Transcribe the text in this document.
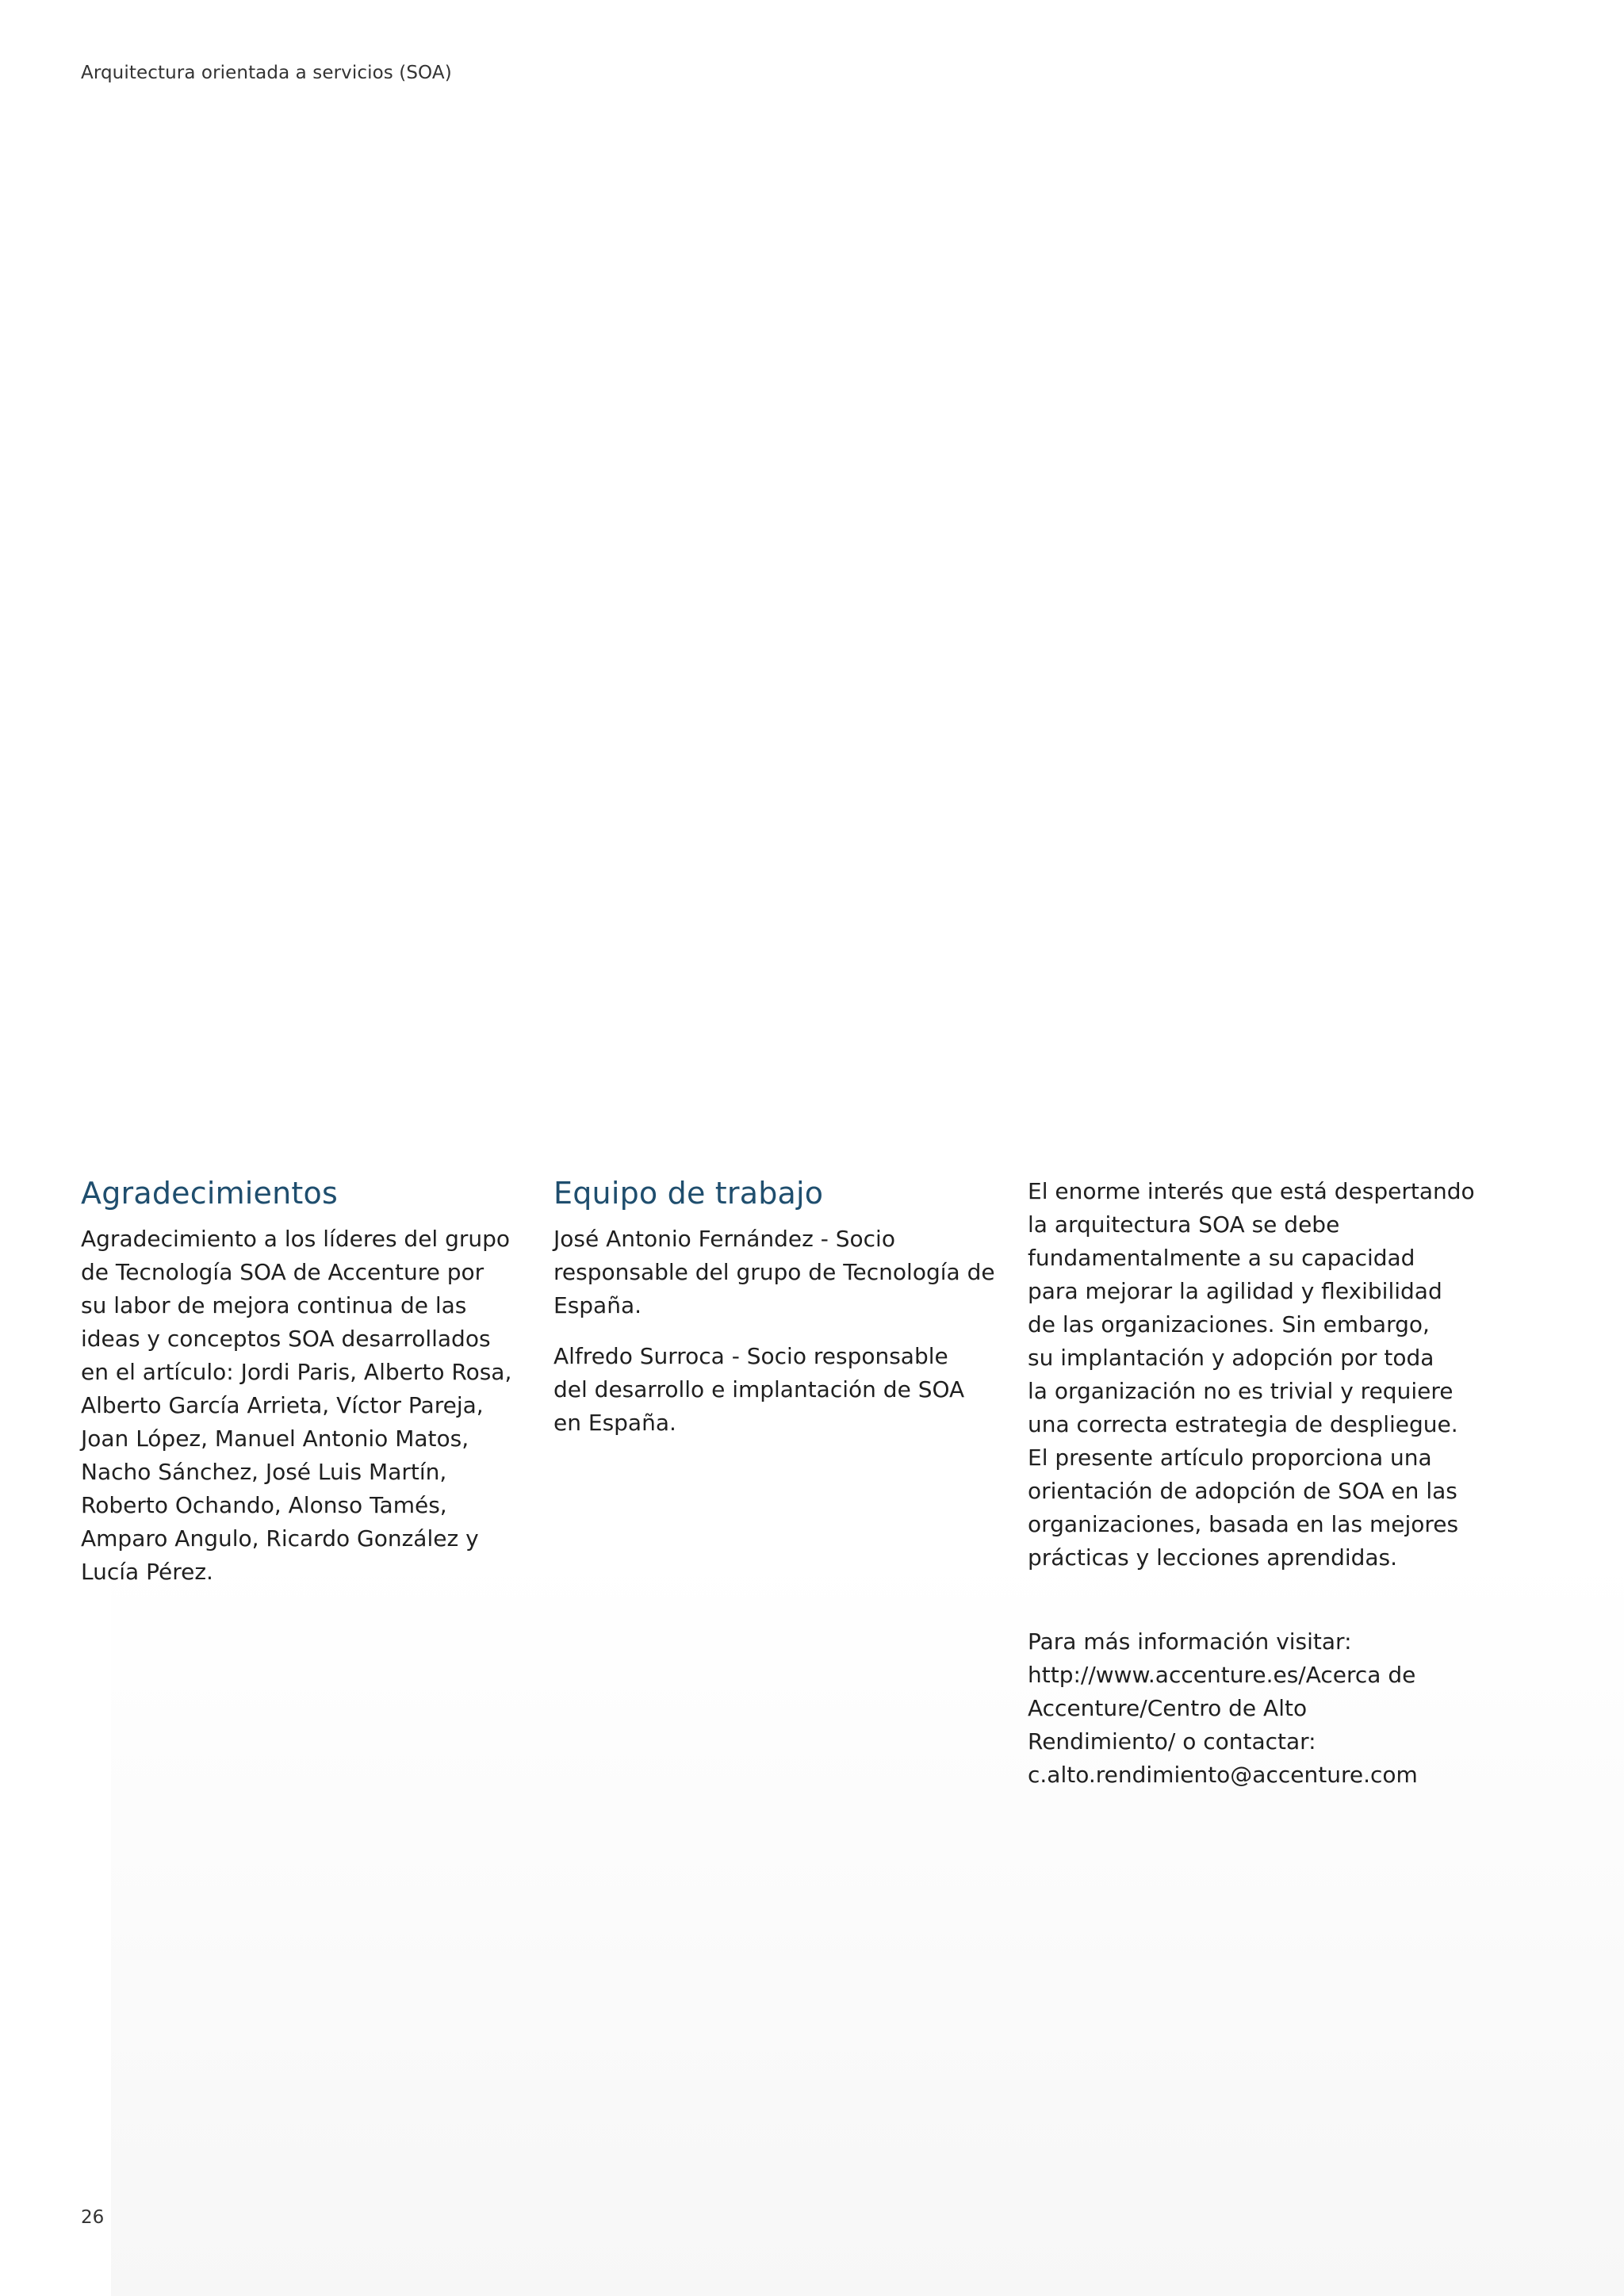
Arquitectura orientada a servicios (SOA)
Agradecimientos

Agradecimiento a los líderes del grupo
de Tecnología SOA de Accenture por
su labor de mejora continua de las
ideas y conceptos SOA desarrollados
en el artículo: Jordi Paris, Alberto Rosa,
Alberto García Arrieta, Víctor Pareja,
Joan López, Manuel Antonio Matos,
Nacho Sánchez, José Luis Martín,
Roberto Ochando, Alonso Tamés,
Amparo Angulo, Ricardo González y
Lucía Pérez.

Equipo de trabajo

José Antonio Fernández - Socio
responsable del grupo de Tecnología de
España.

Alfredo Surroca - Socio responsable
del desarrollo e implantación de SOA
en España.

El enorme interés que está despertando
la arquitectura SOA se debe
fundamentalmente a su capacidad
para mejorar la agilidad y flexibilidad
de las organizaciones. Sin embargo,
su implantación y adopción por toda
la organización no es trivial y requiere
una correcta estrategia de despliegue.
El presente artículo proporciona una
orientación de adopción de SOA en las
organizaciones, basada en las mejores
prácticas y lecciones aprendidas.

Para más información visitar:
http://www.accenture.es/Acerca de
Accenture/Centro de Alto
Rendimiento/ o contactar:
c.alto.rendimiento@accenture.com

26
